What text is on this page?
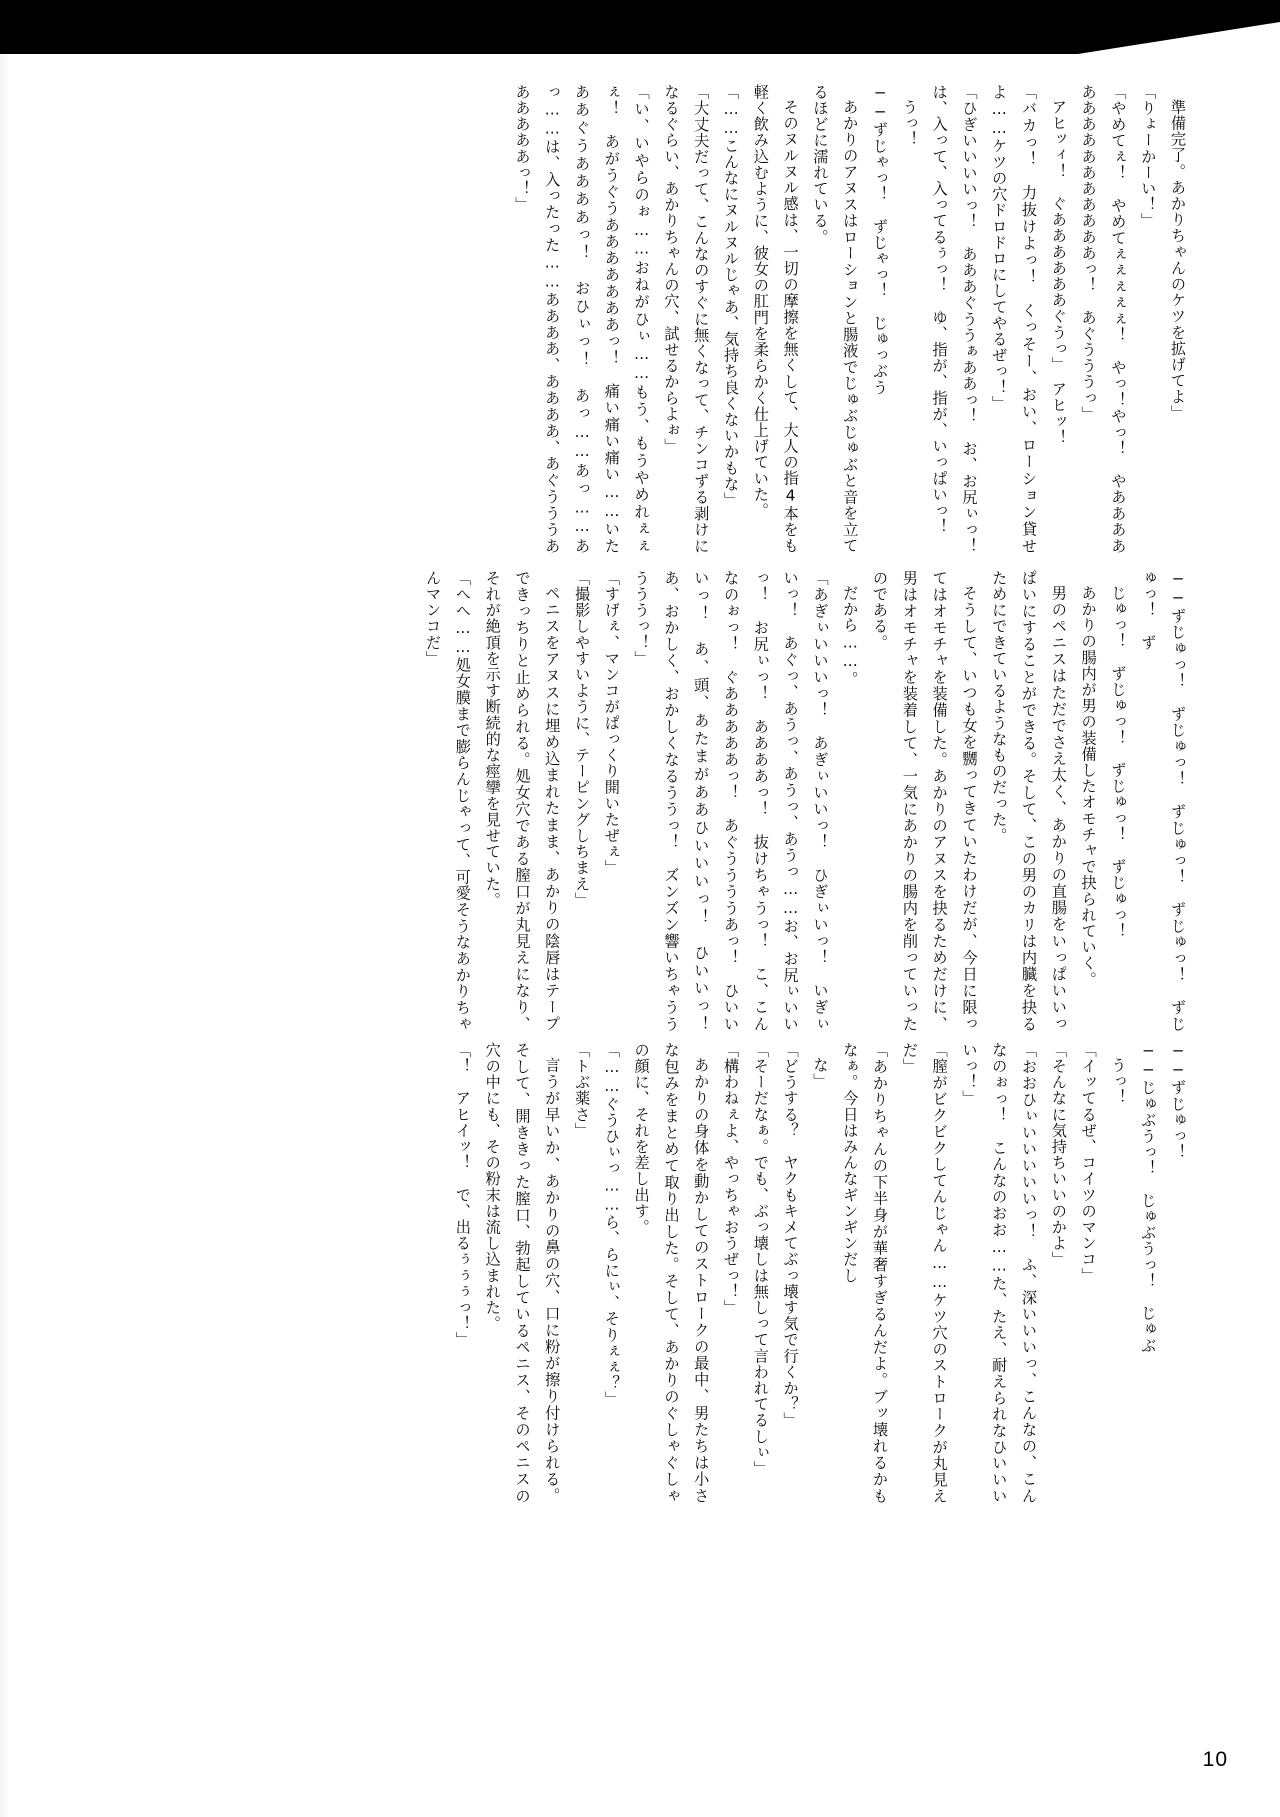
準備完了。あかりちゃんのケツを拡げてよ」

「りょーかーい！」

「やめてぇ！　やめてぇぇぇぇぇ！　やっ！やっ！　やあああああああああああああああっ！　あぐうううっ」

アヒッィ！　ぐああああああぐうっ」　アヒッ！

「バカっ！　力抜けよっ！　くっそー、おい、ローション貸せよ……ケツの穴ドロドロにしてやるぜっ！」

「ひぎいいいいっ！　あああぐううぁああっ！　お、お尻ぃっ！　は、入って、入ってるぅっ！　ゆ、指が、指が、いっぱいっ！

うっ！

──ずじゃっ！　ずじゃっ！　じゅっぶう

あかりのアヌスはローションと腸液でじゅぶじゅぶと音を立てるほどに濡れている。

そのヌルヌル感は、一切の摩擦を無くして、大人の指4本をも軽く飲み込むように、彼女の肛門を柔らかく仕上げていた。

「……こんなにヌルヌルじゃあ、気持ち良くないかもな」

「大丈夫だって、こんなのすぐに無くなって、チンコずる剥けになるぐらい、あかりちゃんの穴、試せるからよぉ」

「い、いやらのぉ……おねがひぃ……もう、もうやめれぇぇぇ！　あがうぐうあああああああっ！　痛い痛い痛い……いたああぐうああああっ！　おひぃっ！　あっ……あっ……あっ……は、入ったった……ああああ、ああああ、あぐうううああああああっ！」

──ずじゅっ！　ずじゅっ！　ずじゅっ！　ずじゅっ！　ずじゅっ！　ず

じゅっ！　ずじゅっ！　ずじゅっ！　ずじゅっ！

あかりの腸内が男の装備したオモチャで抉られていく。

男のペニスはただでさえ太く、あかりの直腸をいっぱいいっぱいにすることができる。そして、この男のカリは内臓を抉るためにできているようなものだった。

そうして、いつも女を嬲ってきていたわけだが、今日に限ってはオモチャを装備した。あかりのアヌスを抉るためだけに、男はオモチャを装着して、一気にあかりの腸内を削っていったのである。

だから……。

「あぎぃいいいっ！　あぎぃいいっ！　ひぎぃいっ！　いぎぃいっ！　あぐっ、あうっ、あうっ、あうっ……お、お尻ぃいいっ！　お尻ぃっ！　ああああっ！　抜けちゃうっ！　こ、こんなのぉっ！　ぐあああああっ！　あぐううううあっ！　ひいいいっ！　あ、頭、あたまがああひいいいっ！　ひいいっ！　あ、おかしく、おかしくなるううっ！　ズンズン響いちゃうううううっ！」

「すげぇ、マンコがぱっくり開いたぜぇ」

「撮影しやすいように、テーピングしちまえ」

ペニスをアヌスに埋め込まれたまま、あかりの陰唇はテープできっちりと止められる。処女穴である膣口が丸見えになり、それが絶頂を示す断続的な痙攣を見せていた。

「へへ……処女膜まで膨らんじゃって、可愛そうなあかりちゃんマンコだ」

──ずじゅっ！

──じゅぶうっ！　じゅぶうっ！　じゅぶ

うっ！

「イッてるぜ、コイツのマンコ」

「そんなに気持ちいいのかよ」

「おおひぃいいいいいっ！　ふ、深いいいっ、こんなの、こんなのぉっ！　こんなのおお……た、たえ、耐えられなひいいいいっ！」

「膣がビクビクしてんじゃん……ケツ穴のストロークが丸見えだ」

「あかりちゃんの下半身が華奢すぎるんだよ。ブッ壊れるかもなぁ。今日はみんなギンギンだし

な」

「どうする？　ヤクもキメてぶっ壊す気で行くか？」

「そーだなぁ。でも、ぶっ壊しは無しって言われてるしぃ」

「構わねぇよ、やっちゃおうぜっ！」

あかりの身体を動かしてのストロークの最中、男たちは小さな包みをまとめて取り出した。そして、あかりのぐしゃぐしゃの顔に、それを差し出す。

「……ぐうひぃっ……ら、らにぃ、そりぇぇ？」

「トぶ薬さ」

言うが早いか、あかりの鼻の穴、口に粉が擦り付けられる。そして、開ききった膣口、勃起しているペニス、そのペニスの穴の中にも、その粉末は流し込まれた。

「！　アヒイッ！　で、出るぅぅぅっ！」

10
